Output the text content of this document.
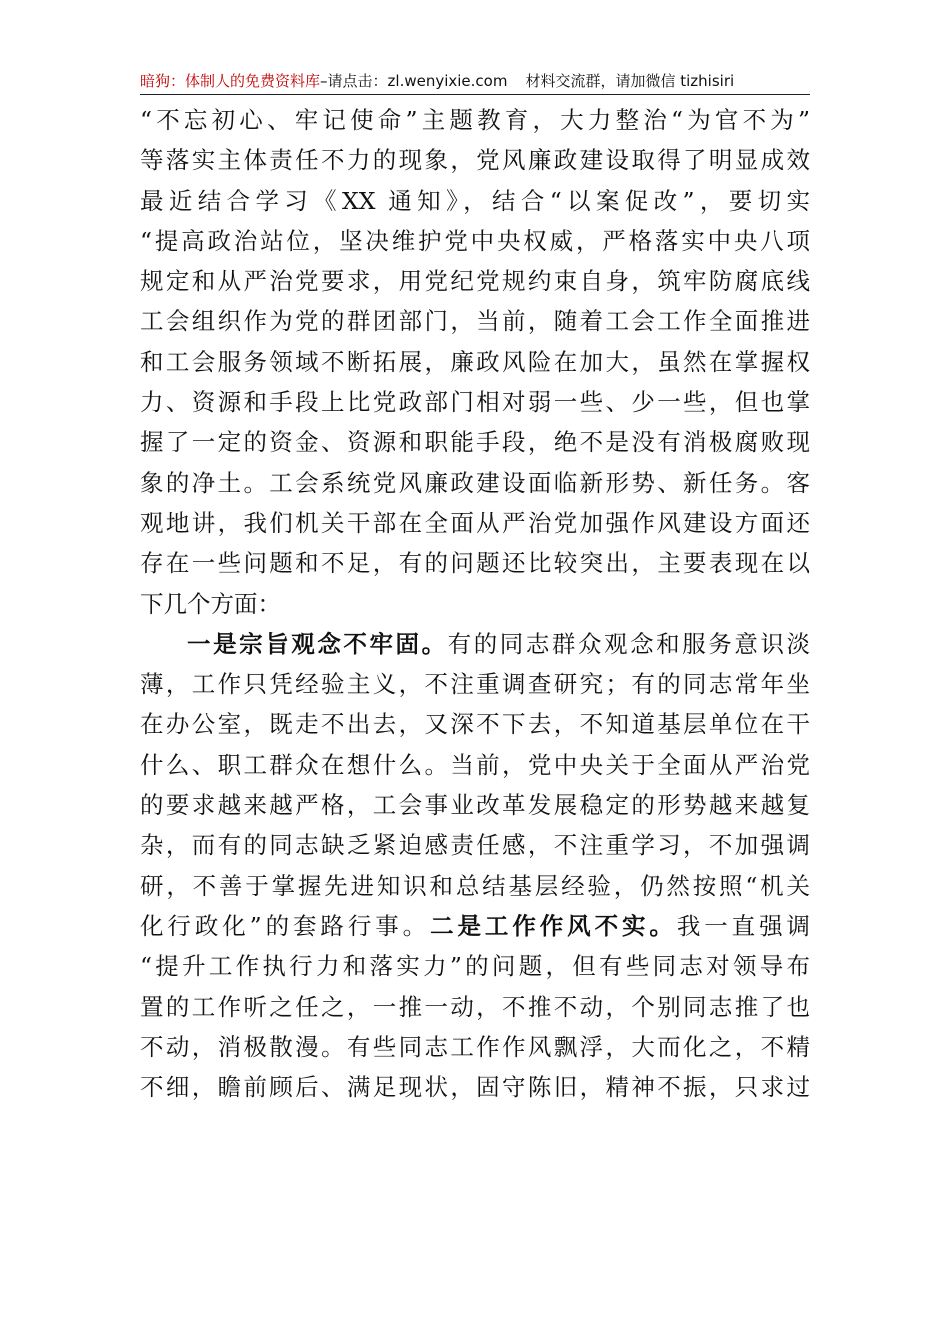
暗狗：体制人的免费资料库–请点击：zl.wenyixie.com 材料交流群，请加微信 tizhisiri
“不忘初心、牢记使命”主题教育，大力整治“为官不为”
等落实主体责任不力的现象，党风廉政建设取得了明显成效
最近结合学习《XX 通知》，结合“以案促改”，要切实
“提高政治站位，坚决维护党中央权威，严格落实中央八项
规定和从严治党要求，用党纪党规约束自身，筑牢防腐底线
工会组织作为党的群团部门，当前，随着工会工作全面推进
和工会服务领域不断拓展，廉政风险在加大，虽然在掌握权
力、资源和手段上比党政部门相对弱一些、少一些，但也掌
握了一定的资金、资源和职能手段，绝不是没有消极腐败现
象的净土。工会系统党风廉政建设面临新形势、新任务。客
观地讲，我们机关干部在全面从严治党加强作风建设方面还
存在一些问题和不足，有的问题还比较突出，主要表现在以
下几个方面：
一是宗旨观念不牢固。有的同志群众观念和服务意识淡
薄，工作只凭经验主义，不注重调查研究；有的同志常年坐
在办公室，既走不出去，又深不下去，不知道基层单位在干
什么、职工群众在想什么。当前，党中央关于全面从严治党
的要求越来越严格，工会事业改革发展稳定的形势越来越复
杂，而有的同志缺乏紧迫感责任感，不注重学习，不加强调
研，不善于掌握先进知识和总结基层经验，仍然按照“机关
化行政化”的套路行事。二是工作作风不实。我一直强调
“提升工作执行力和落实力”的问题，但有些同志对领导布
置的工作听之任之，一推一动，不推不动，个别同志推了也
不动，消极散漫。有些同志工作作风飘浮，大而化之，不精
不细，瞻前顾后、满足现状，固守陈旧，精神不振，只求过
